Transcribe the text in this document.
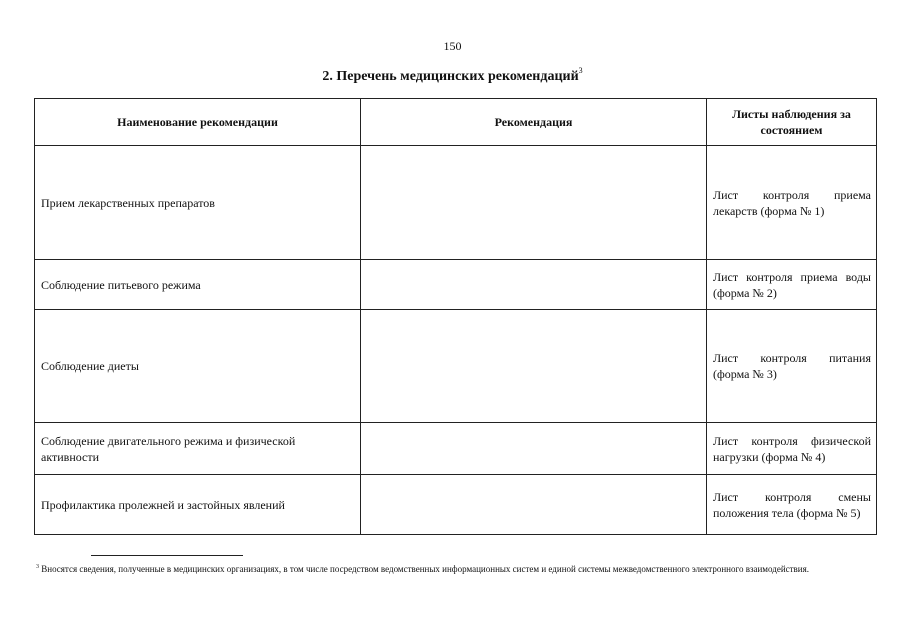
150
2. Перечень медицинских рекомендаций$^3$
Наименование рекомендации	Рекомендация	Листы наблюдения за состоянием
Прием лекарственных препаратов		Лист контроля приема лекарств (форма № 1)
Соблюдение питьевого режима		Лист контроля приема воды (форма № 2)
Соблюдение диеты		Лист контроля питания (форма № 3)
Соблюдение двигательного режима и физической активности		Лист контроля физической нагрузки (форма № 4)
Профилактика пролежней и застойных явлений		Лист контроля смены положения тела (форма № 5)
$^3$ Вносятся сведения, полученные в медицинских организациях, в том числе посредством ведомственных информационных систем и единой системы межведомственного электронного взаимодействия.
